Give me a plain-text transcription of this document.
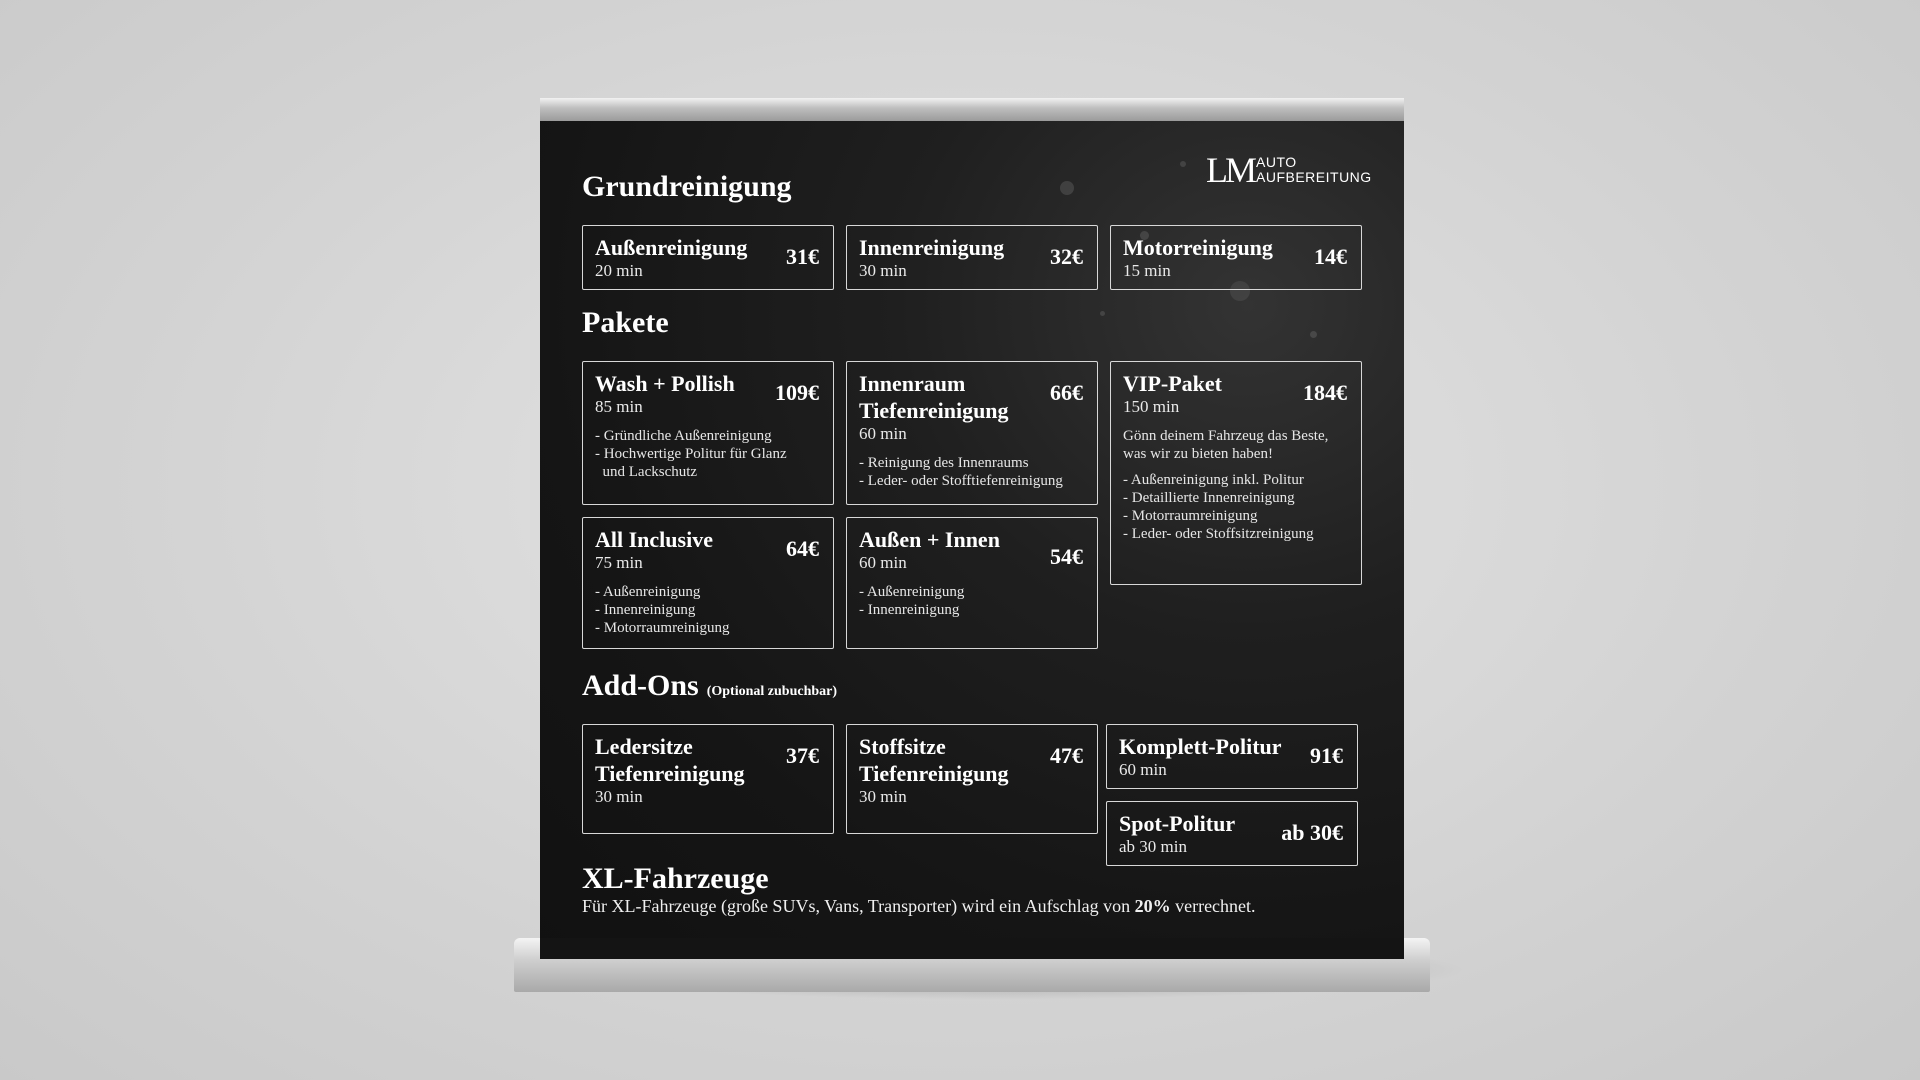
LM AUTO
AUFBEREITUNG
Grundreinigung
Außenreinigung
20 min
31€ Innenreinigung
30 min
32€ Motorreinigung
15 min
14€
Pakete
Wash + Pollish
85 min
109€
- Gründliche Außenreinigung
- Hochwertige Politur für Glanz
und Lackschutz
Innenraum Tiefenreinigung
60 min
66€
- Reinigung des Innenraums
- Leder- oder Stofftiefenreinigung
VIP-Paket
150 min
184€
Gönn deinem Fahrzeug das Beste, was wir zu bieten haben!
- Außenreinigung inkl. Politur
- Detaillierte Innenreinigung
- Motorraumreinigung
- Leder- oder Stoffsitzreinigung
All Inclusive
75 min
64€
- Außenreinigung
- Innenreinigung
- Motorraumreinigung
Außen + Innen
60 min	54€
- Außenreinigung
- Innenreinigung
Add-Ons (Optional zubuchbar)
Ledersitze Tiefenreinigung
30 min
37€ Stoffsitze Tiefenreinigung
30 min
47€ Komplett-Politur
60 min
91€
Spot-Politur
ab 30 min
ab 30€
XL-Fahrzeuge
Für XL-Fahrzeuge (große SUVs, Vans, Transporter) wird ein Aufschlag von 20% verrechnet.
